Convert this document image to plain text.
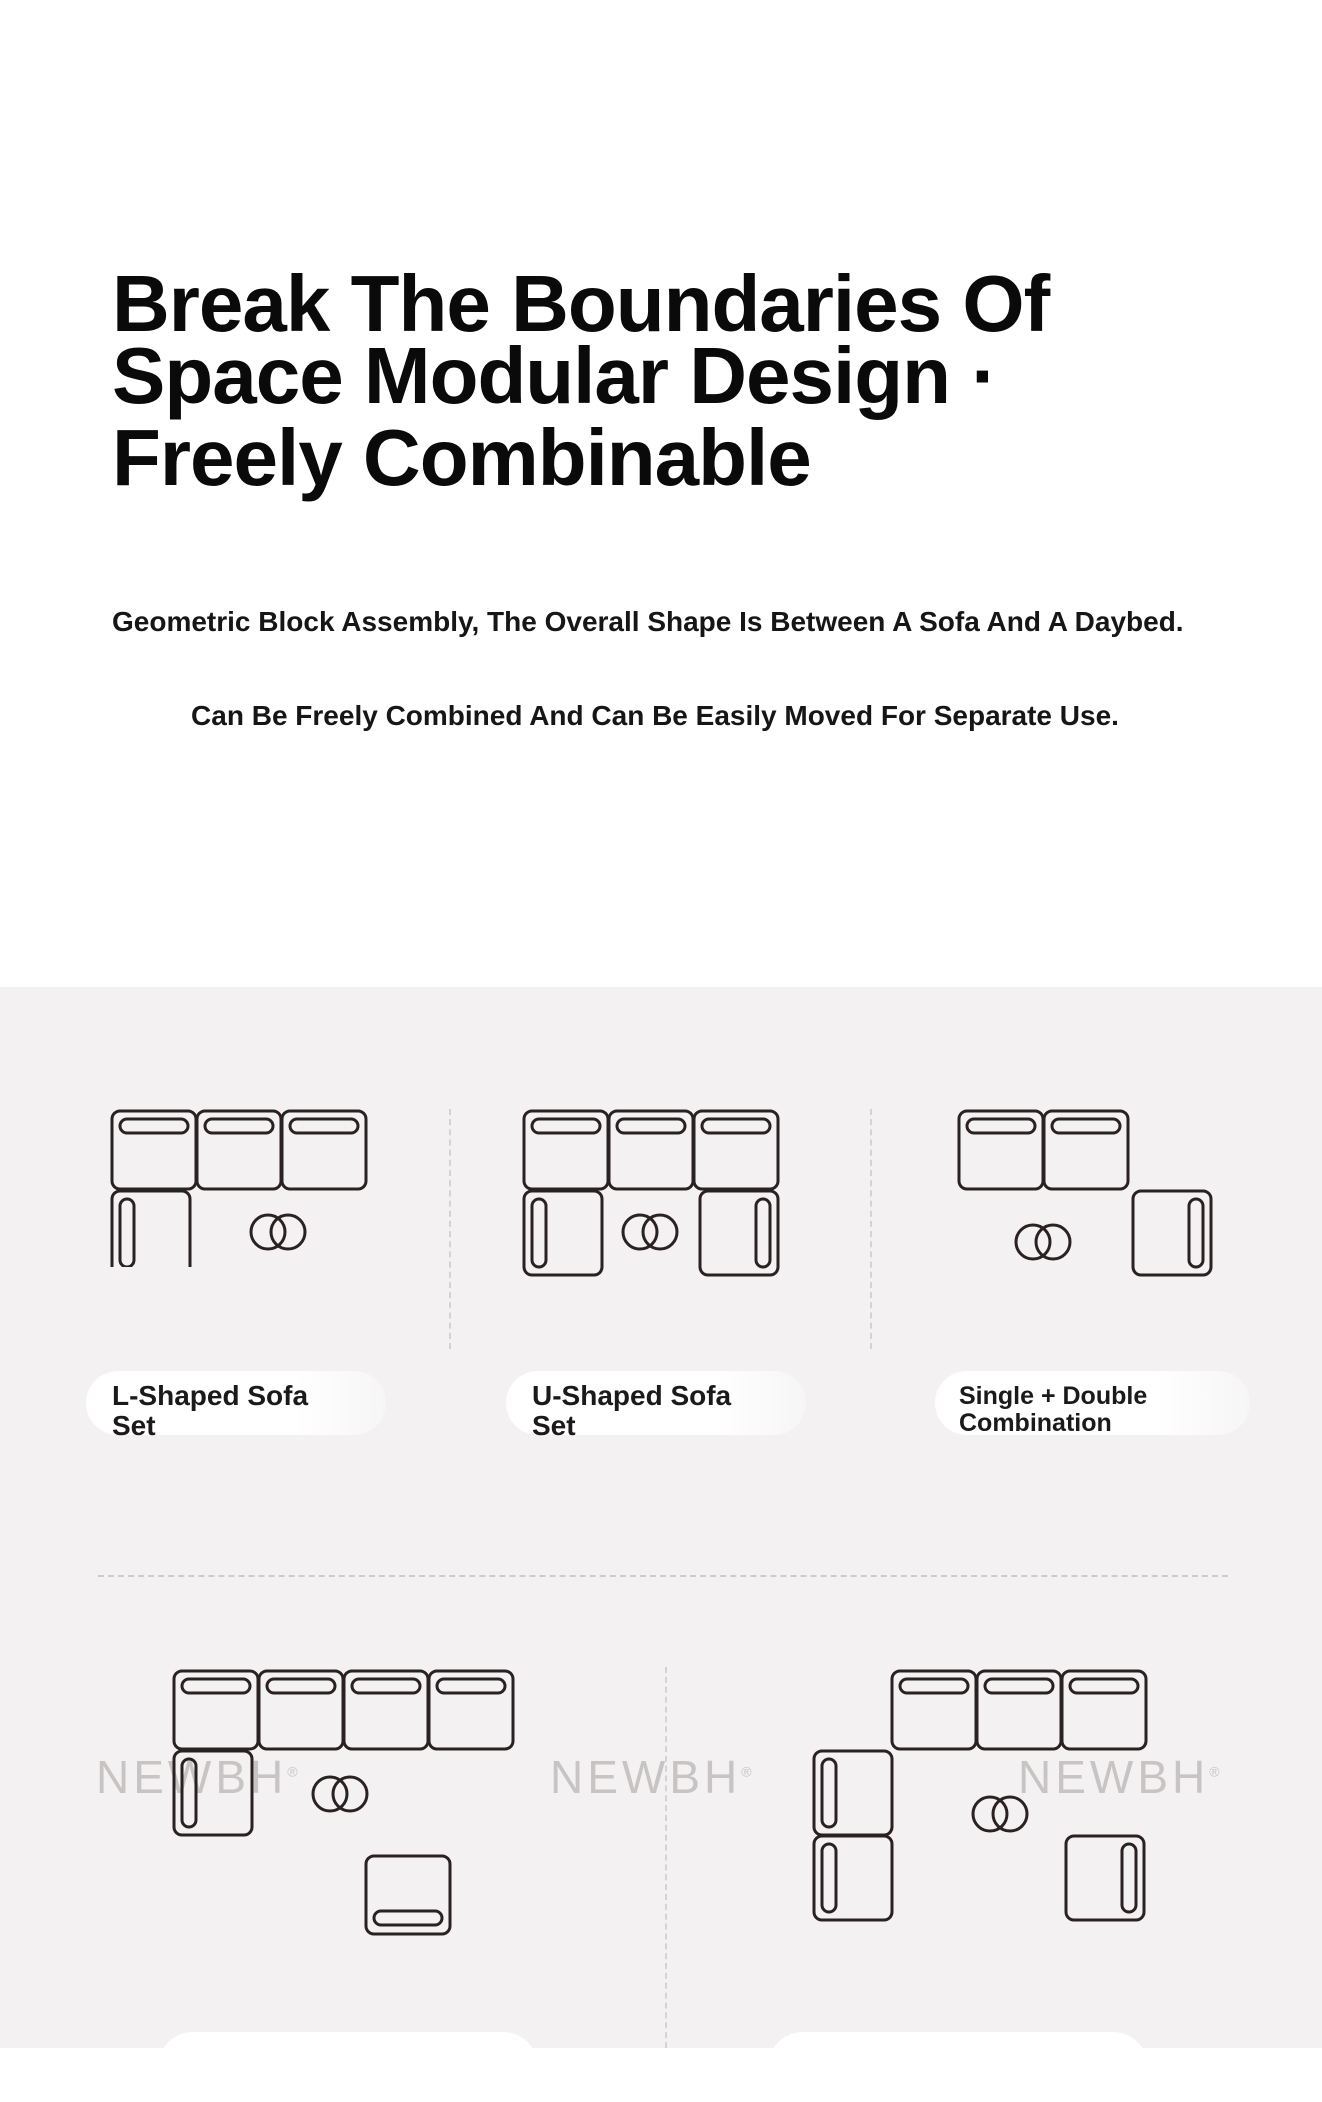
Break The Boundaries Of
Space Modular Design ·
Freely Combinable

Geometric Block Assembly, The Overall Shape Is Between A Sofa And A Daybed.

Can Be Freely Combined And Can Be Easily Moved For Separate Use.

L-Shaped Sofa
Set
U-Shaped Sofa
Set
Single + Double
Combination
NEWBH®	NEWBH®	NEWBH®
